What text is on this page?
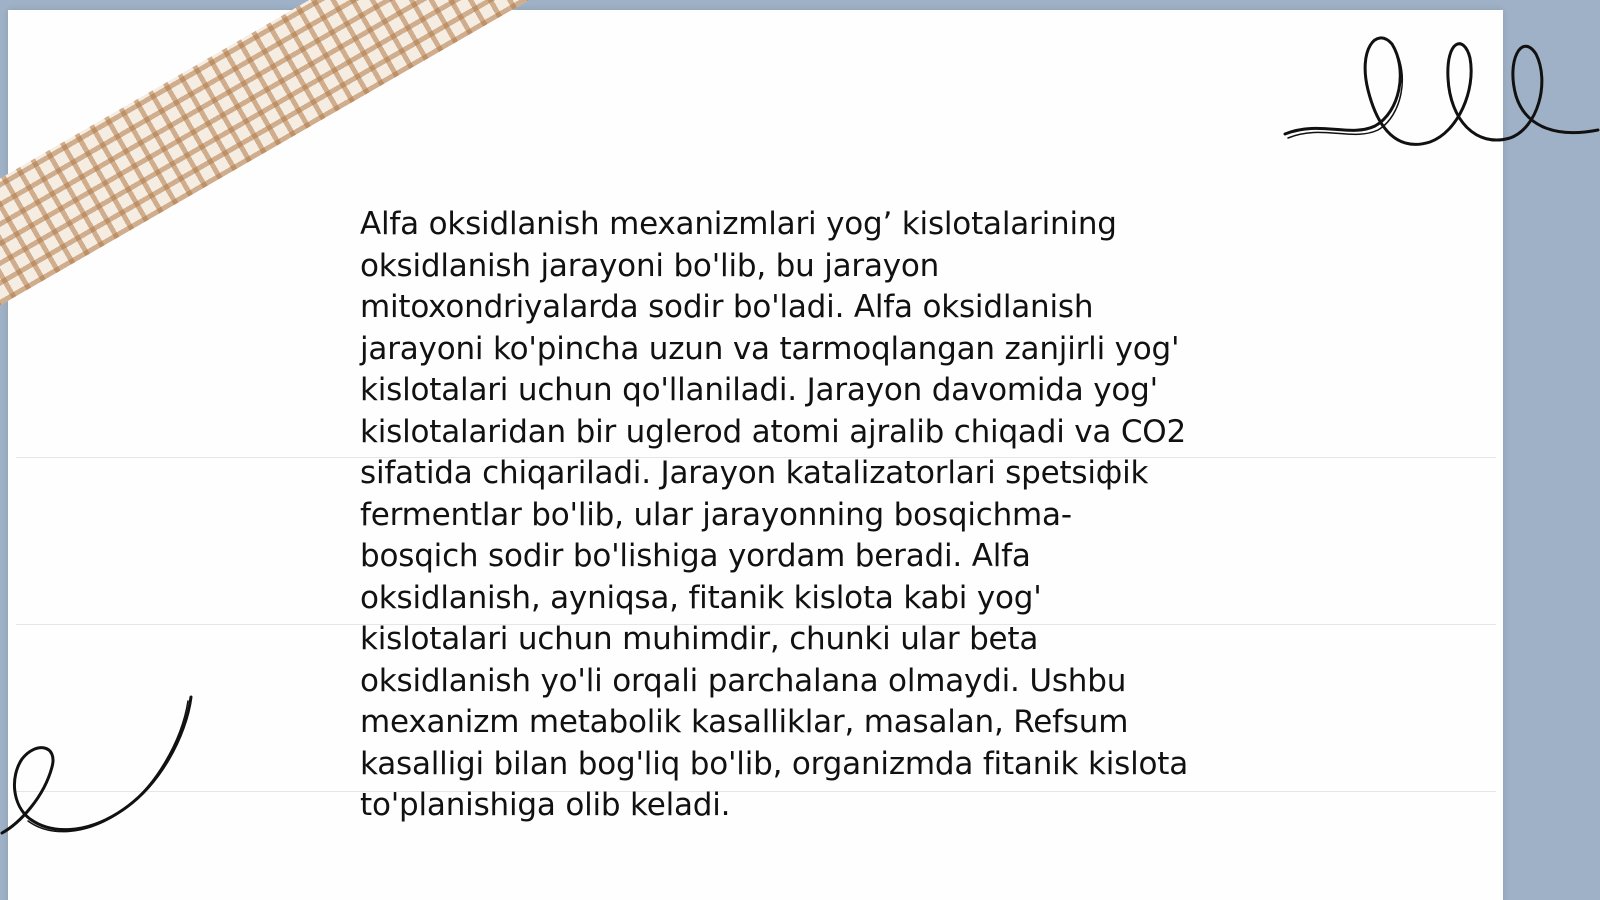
Alfa oksidlanish mexanizmlari yog’ kislotalarining
oksidlanish jarayoni bo'lib, bu jarayon
mitoxondriyalarda sodir bo'ladi. Alfa oksidlanish
jarayoni ko'pincha uzun va tarmoqlangan zanjirli yog'
kislotalari uchun qo'llaniladi. Jarayon davomida yog'
kislotalaridan bir uglerod atomi ajralib chiqadi va CO2
sifatida chiqariladi. Jarayon katalizatorlari spetsiфik
fermentlar bo'lib, ular jarayonning bosqichma-
bosqich sodir bo'lishiga yordam beradi. Alfa
oksidlanish, ayniqsa, fitanik kislota kabi yog'
kislotalari uchun muhimdir, chunki ular beta
oksidlanish yo'li orqali parchalana olmaydi. Ushbu
mexanizm metabolik kasalliklar, masalan, Refsum
kasalligi bilan bog'liq bo'lib, organizmda fitanik kislota
to'planishiga olib keladi.
